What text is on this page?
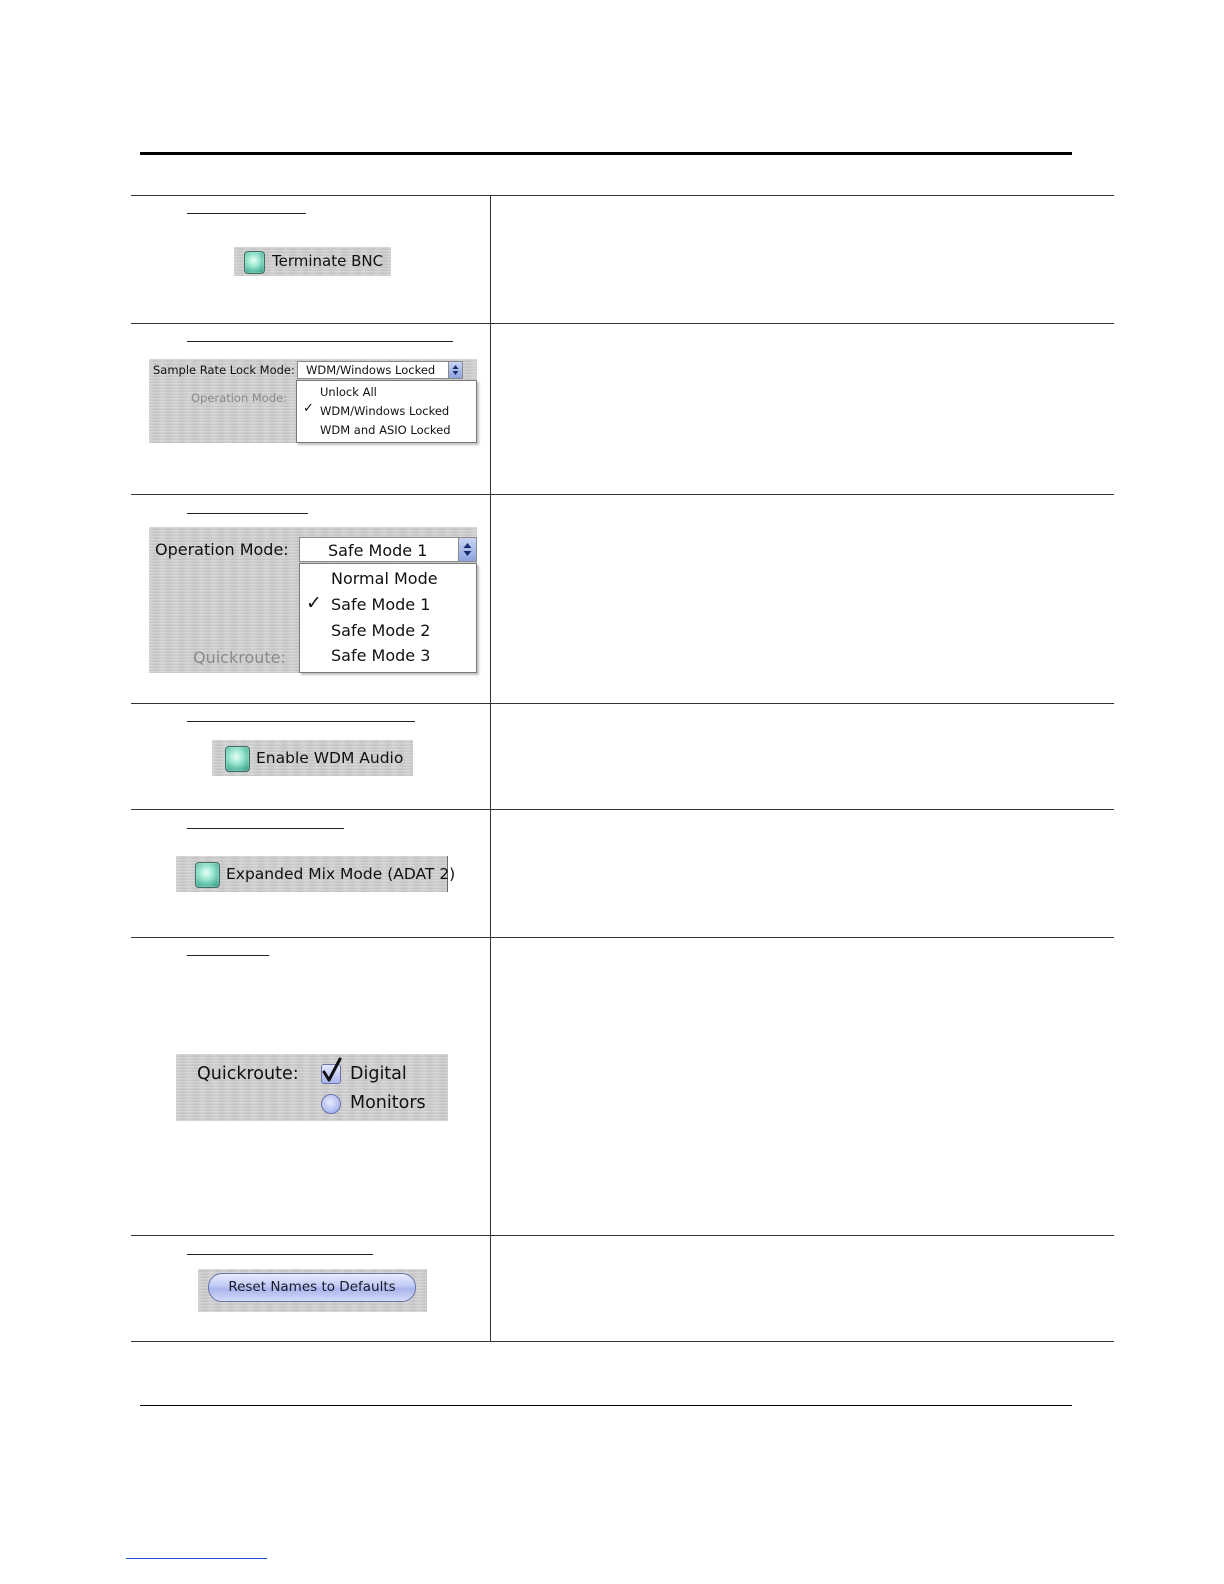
Terminate BNC
Sample Rate Lock Mode: WDM/Windows Locked
Operation Mode:	Unlock All
✓ WDM/Windows Locked
WDM and ASIO Locked
Operation Mode: Safe Mode 1
Quickroute:
Normal Mode
✓ Safe Mode 1
Safe Mode 2
Safe Mode 3
Enable WDM Audio
Expanded Mix Mode (ADAT 2)
Quickroute:	Digital
Monitors
Reset Names to Defaults
